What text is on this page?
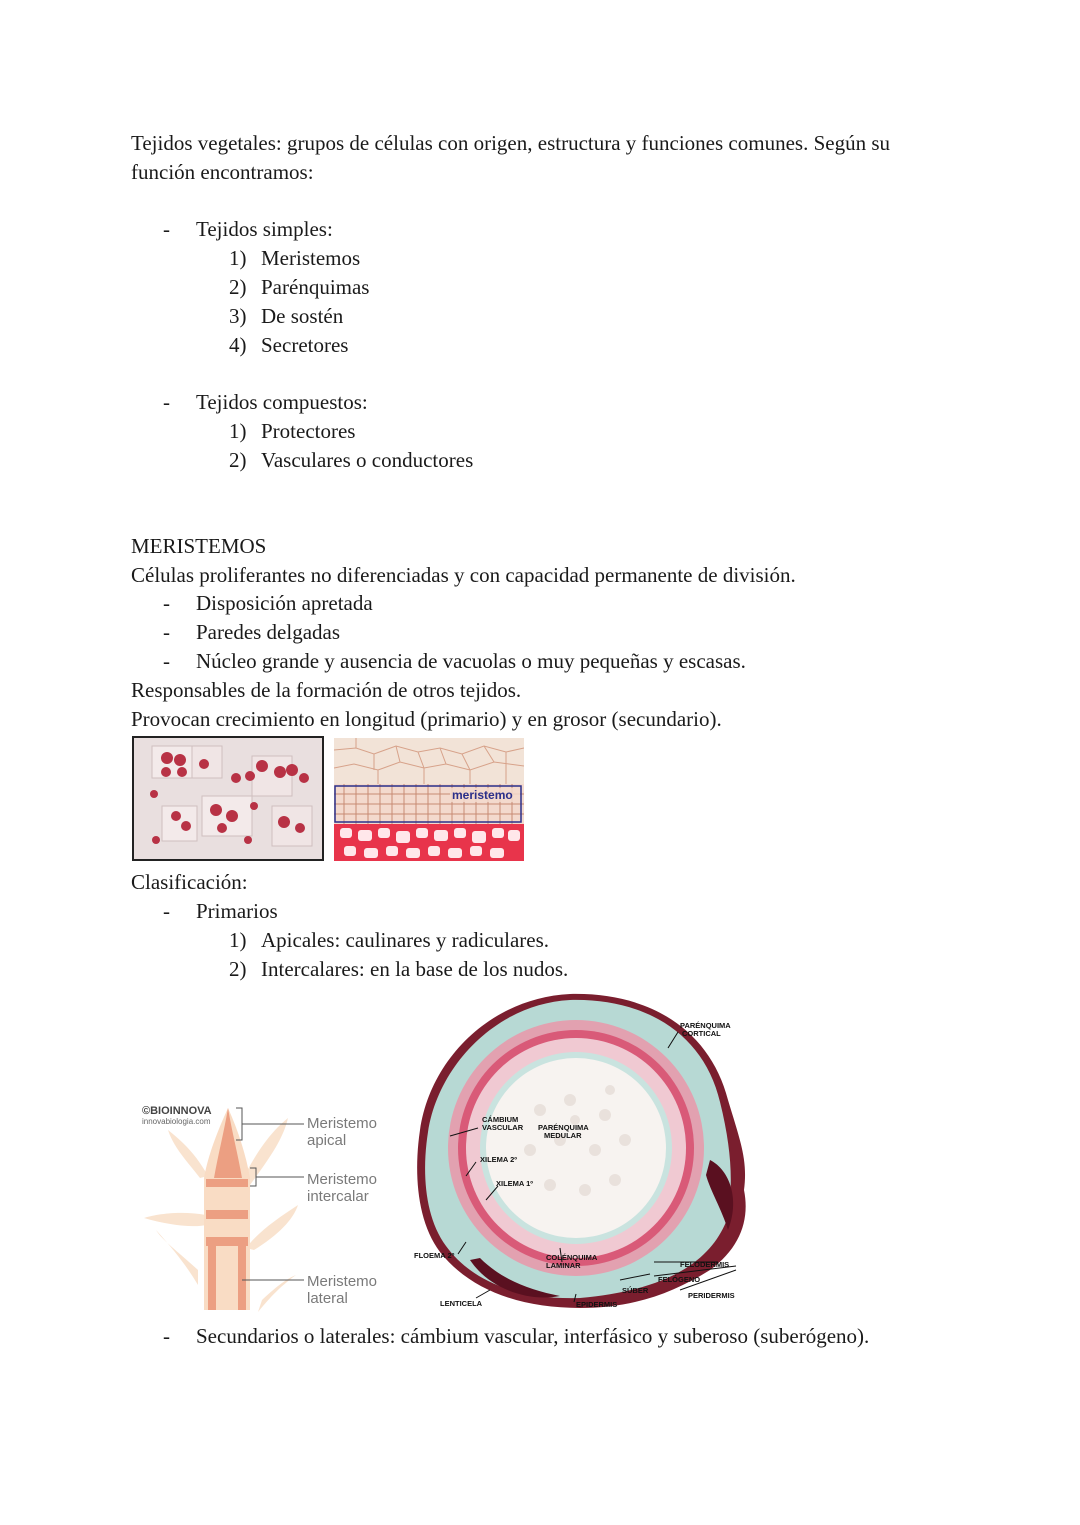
Tejidos vegetales: grupos de células con origen, estructura y funciones comunes. Según su
función encontramos:
- Tejidos simples:
1) Meristemos
2) Parénquimas
3) De sostén
4) Secretores
- Tejidos compuestos:
1) Protectores
2) Vasculares o conductores
MERISTEMOS
Células proliferantes no diferenciadas y con capacidad permanente de división.
- Disposición apretada
- Paredes delgadas
- Núcleo grande y ausencia de vacuolas o muy pequeñas y escasas.
Responsables de la formación de otros tejidos.
Provocan crecimiento en longitud (primario) y en grosor (secundario).
meristemo
Clasificación:
- Primarios
1) Apicales: caulinares y radiculares.
2) Intercalares: en la base de los nudos.
©BIOINNOVA
innovabiologia.com	Meristemo
apical
Meristemo
intercalar
Meristemo
lateral
PARÉNQUIMA
CORTICAL
CÁMBIUM
VASCULAR PARÉNQUIMA
MEDULAR
XILEMA 2º
XILEMA 1º
FLOEMA 2º	COLÉNQUIMA
LAMINAR	FELODERMIS
FELÓGENO
SÚBER
PERIDERMIS
LENTICELA	EPIDERMIS
- Secundarios o laterales: cámbium vascular, interfásico y suberoso (suberógeno).
